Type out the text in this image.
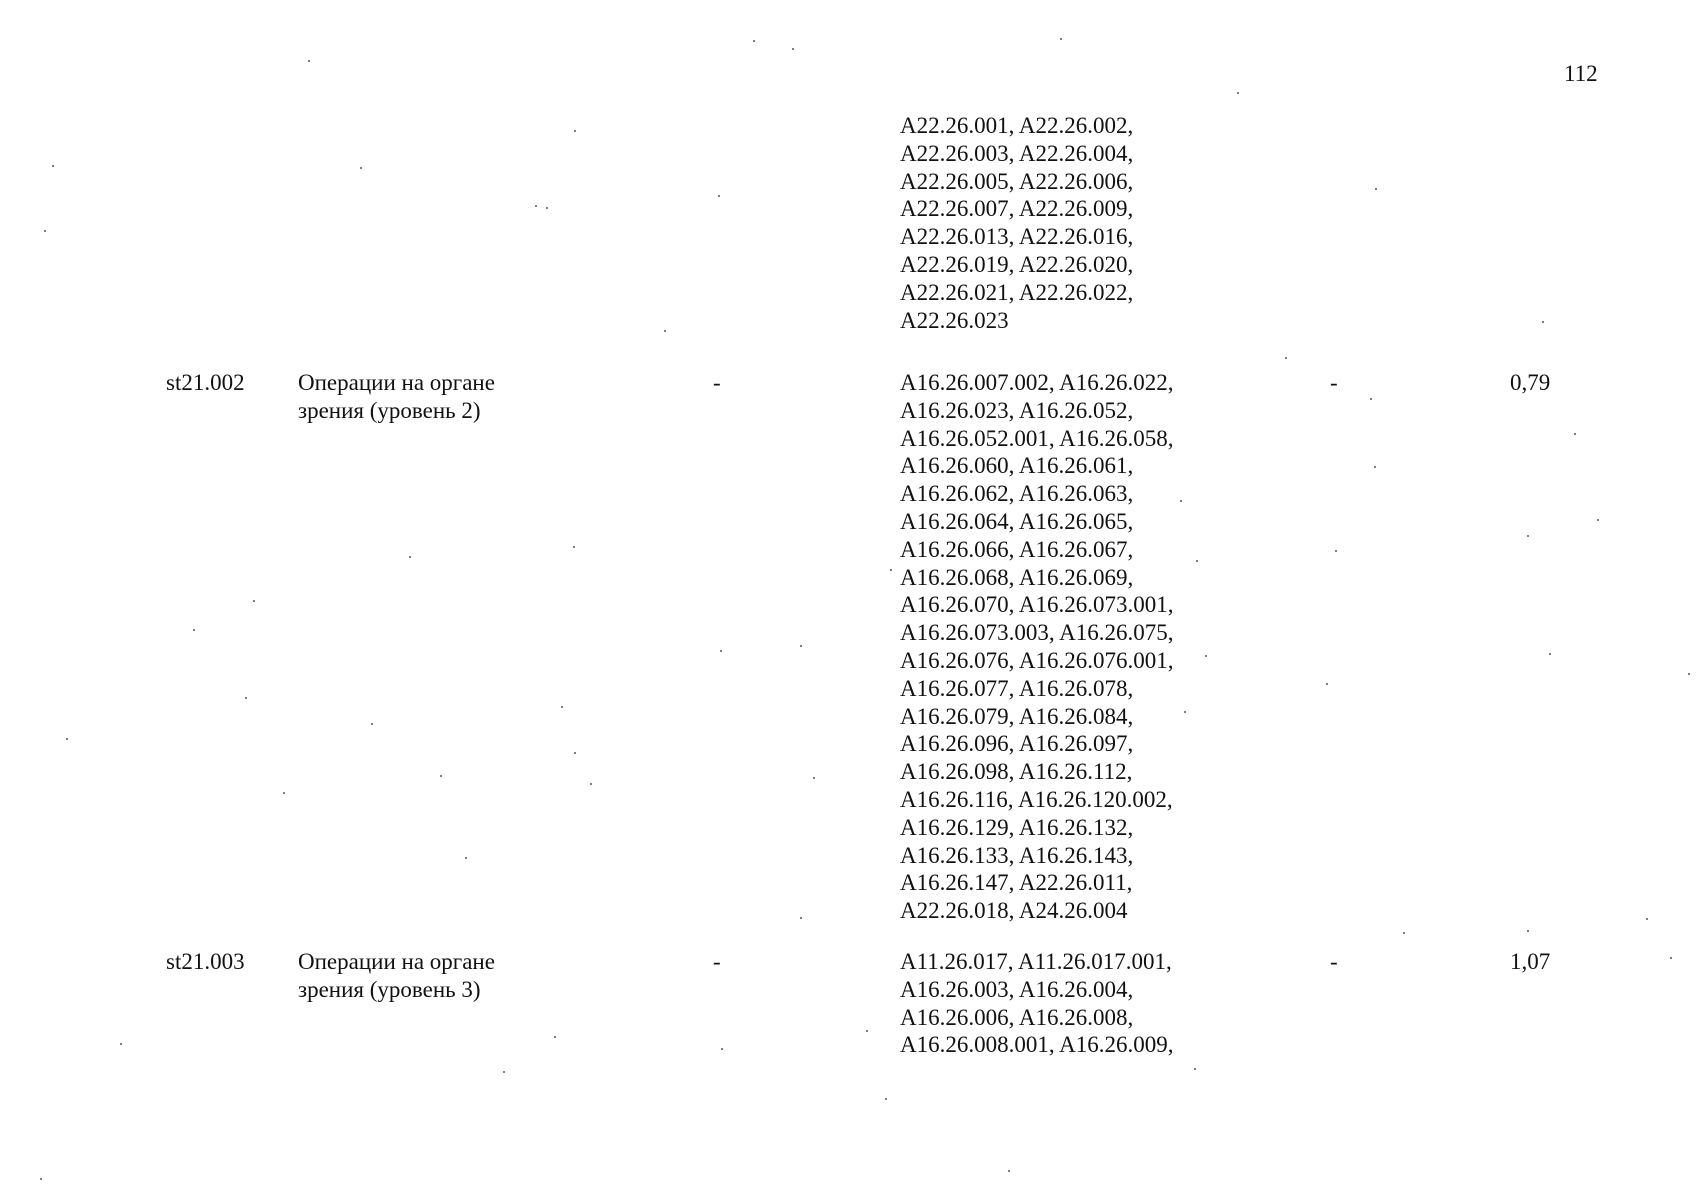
112
A22.26.001, A22.26.002,
A22.26.003, A22.26.004,
A22.26.005, A22.26.006,
A22.26.007, A22.26.009,
A22.26.013, A22.26.016,
A22.26.019, A22.26.020,
A22.26.021, A22.26.022,
A22.26.023
st21.002 Операции на органе
зрения (уровень 2)
-	A16.26.007.002, A16.26.022,
A16.26.023, A16.26.052,
A16.26.052.001, A16.26.058,
A16.26.060, A16.26.061,
A16.26.062, A16.26.063,
A16.26.064, A16.26.065,
A16.26.066, A16.26.067,
A16.26.068, A16.26.069,
A16.26.070, A16.26.073.001,
A16.26.073.003, A16.26.075,
A16.26.076, A16.26.076.001,
A16.26.077, A16.26.078,
A16.26.079, A16.26.084,
A16.26.096, A16.26.097,
A16.26.098, A16.26.112,
A16.26.116, A16.26.120.002,
A16.26.129, A16.26.132,
A16.26.133, A16.26.143,
A16.26.147, A22.26.011,
A22.26.018, A24.26.004
-	0,79
st21.003 Операции на органе
зрения (уровень 3)
-	A11.26.017, A11.26.017.001,
A16.26.003, A16.26.004,
A16.26.006, A16.26.008,
A16.26.008.001, A16.26.009,
-	1,07
